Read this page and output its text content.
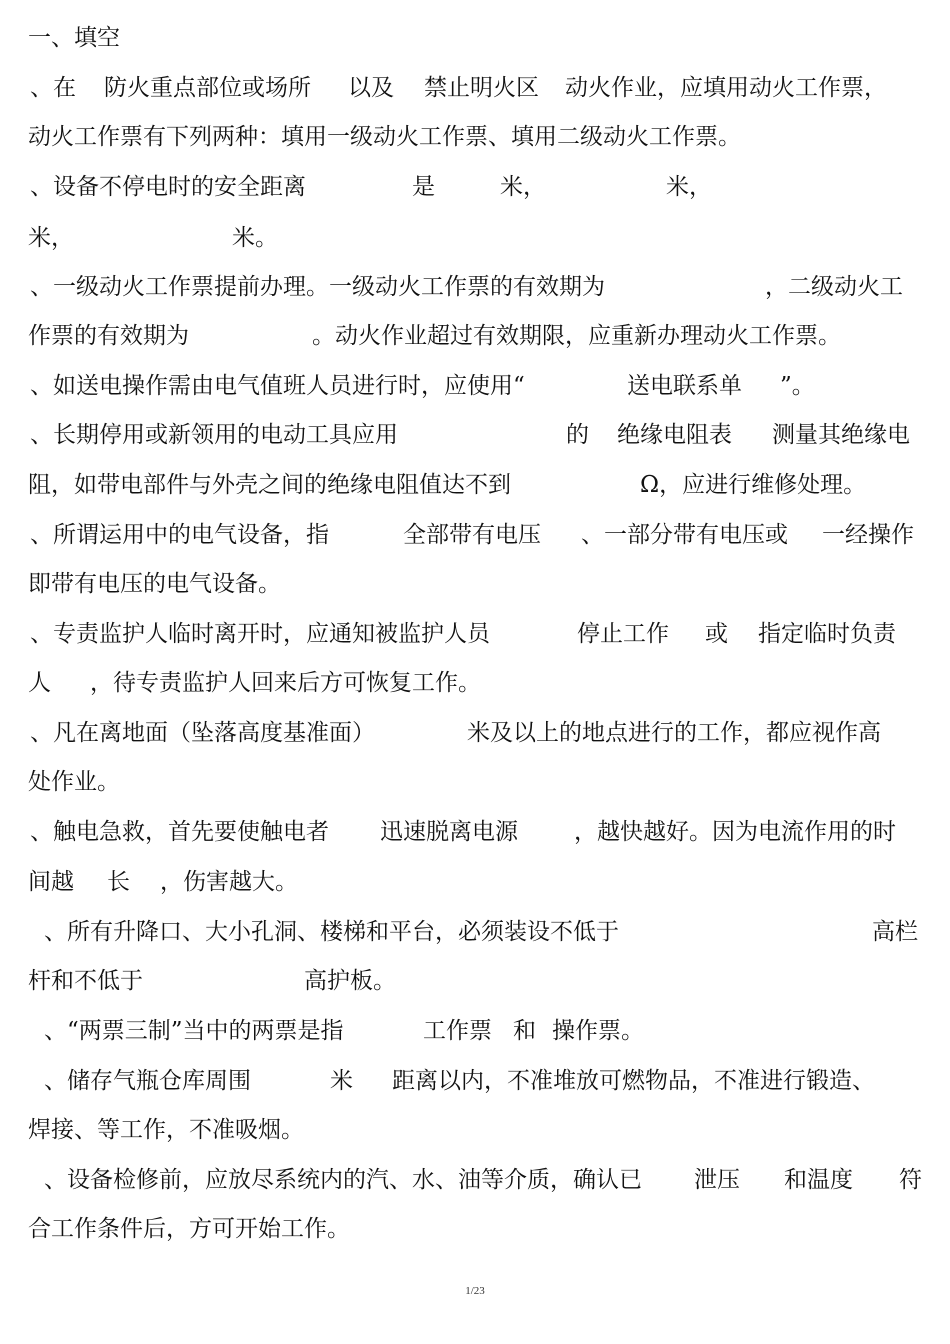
一、填空
、在 防火重点部位或场所 以及 禁止明火区 动火作业，应填用动火工作票，
动火工作票有下列两种：填用一级动火工作票、填用二级动火工作票。
、设备不停电时的安全距离	是	米，	米，
米，	米。
、一级动火工作票提前办理。一级动火工作票的有效期为	，二级动火工
作票的有效期为	。动火作业超过有效期限，应重新办理动火工作票。
、如送电操作需由电气值班人员进行时，应使用“	送电联系单 ”。
、长期停用或新领用的电动工具应用	的 绝缘电阻表 测量其绝缘电
阻，如带电部件与外壳之间的绝缘电阻值达不到	Ω，应进行维修处理。
、所谓运用中的电气设备，指	全部带有电压 、一部分带有电压或 一经操作
即带有电压的电气设备。
、专责监护人临时离开时，应通知被监护人员	停止工作 或 指定临时负责
人 ，待专责监护人回来后方可恢复工作。
、凡在离地面（坠落高度基准面）	米及以上的地点进行的工作，都应视作高
处作业。
、触电急救，首先要使触电者 迅速脱离电源 ，越快越好。因为电流作用的时
间越 长 ，伤害越大。
、所有升降口、大小孔洞、楼梯和平台，必须装设不低于	高栏
杆和不低于	高护板。
、“两票三制”当中的两票是指	工作票 和 操作票。
、储存气瓶仓库周围	米 距离以内，不准堆放可燃物品，不准进行锻造、
焊接、等工作，不准吸烟。
、设备检修前，应放尽系统内的汽、水、油等介质，确认已 泄压 和温度 符
合工作条件后，方可开始工作。
1/23
